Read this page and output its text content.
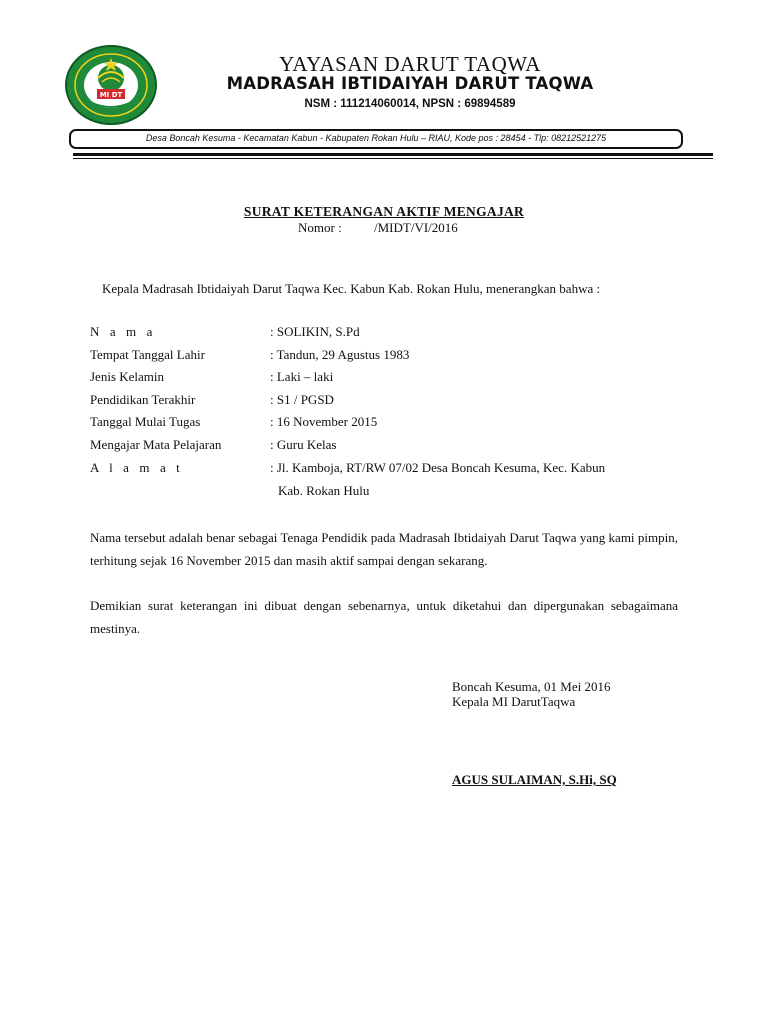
MI DT
YAYASAN DARUT TAQWA
MADRASAH IBTIDAIYAH DARUT TAQWA
NSM : 111214060014, NPSN : 69894589
Desa Boncah Kesuma - Kecamatan Kabun - Kabupaten Rokan Hulu – RIAU, Kode pos : 28454 - Tlp: 08212521275
SURAT KETERANGAN AKTIF MENGAJAR
Nomor : /MIDT/VI/2016
Kepala Madrasah Ibtidaiyah Darut Taqwa Kec. Kabun Kab. Rokan Hulu, menerangkan bahwa :
N a m a	: SOLIKIN, S.Pd
Tempat Tanggal Lahir	: Tandun, 29 Agustus 1983
Jenis Kelamin	: Laki – laki
Pendidikan Terakhir	: S1 / PGSD
Tanggal Mulai Tugas	: 16 November 2015
Mengajar Mata Pelajaran	: Guru Kelas
A l a m a t	: Jl. Kamboja, RT/RW 07/02 Desa Boncah Kesuma, Kec. Kabun
Kab. Rokan Hulu
Nama tersebut adalah benar sebagai Tenaga Pendidik pada Madrasah Ibtidaiyah Darut Taqwa yang kami pimpin, terhitung sejak 16 November 2015 dan masih aktif sampai dengan sekarang.
Demikian surat keterangan ini dibuat dengan sebenarnya, untuk diketahui dan dipergunakan sebagaimana mestinya.
Boncah Kesuma, 01 Mei 2016
Kepala MI DarutTaqwa
AGUS SULAIMAN, S.Hi, SQ
